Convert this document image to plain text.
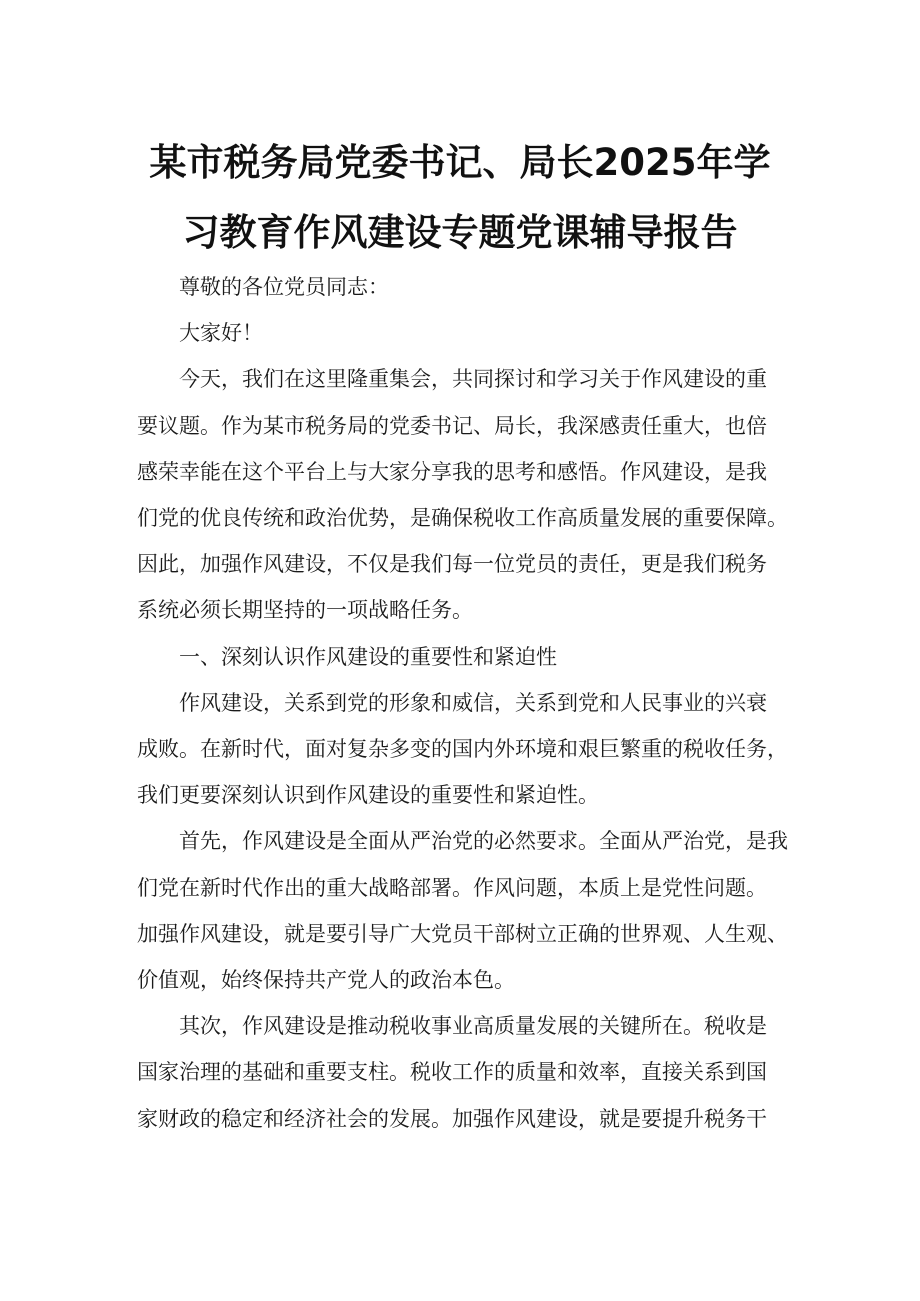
某市税务局党委书记、局长2025年学
习教育作风建设专题党课辅导报告

尊敬的各位党员同志：

大家好！

今天，我们在这里隆重集会，共同探讨和学习关于作风建设的重
要议题。作为某市税务局的党委书记、局长，我深感责任重大，也倍
感荣幸能在这个平台上与大家分享我的思考和感悟。作风建设，是我
们党的优良传统和政治优势，是确保税收工作高质量发展的重要保障。
因此，加强作风建设，不仅是我们每一位党员的责任，更是我们税务
系统必须长期坚持的一项战略任务。

一、深刻认识作风建设的重要性和紧迫性

作风建设，关系到党的形象和威信，关系到党和人民事业的兴衰
成败。在新时代，面对复杂多变的国内外环境和艰巨繁重的税收任务，
我们更要深刻认识到作风建设的重要性和紧迫性。

首先，作风建设是全面从严治党的必然要求。全面从严治党，是我
们党在新时代作出的重大战略部署。作风问题，本质上是党性问题。
加强作风建设，就是要引导广大党员干部树立正确的世界观、人生观、
价值观，始终保持共产党人的政治本色。

其次，作风建设是推动税收事业高质量发展的关键所在。税收是
国家治理的基础和重要支柱。税收工作的质量和效率，直接关系到国
家财政的稳定和经济社会的发展。加强作风建设，就是要提升税务干
